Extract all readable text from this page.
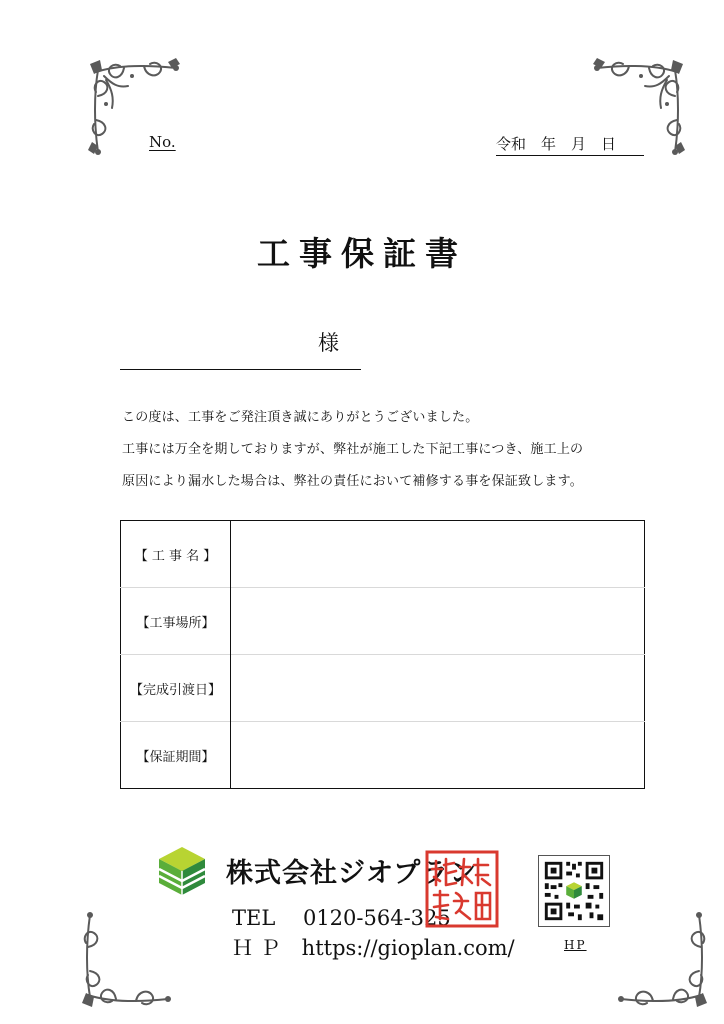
No.	令和　年　月　日
工事保証書
様
この度は、工事をご発注頂き誠にありがとうございました。
工事には万全を期しておりますが、弊社が施工した下記工事につき、施工上の
原因により漏水した場合は、弊社の責任において補修する事を保証致します。
【 工 事 名 】	
【工事場所】	
【完成引渡日】	
【保証期間】	
株式会社ジオプラン
TEL　 0120-564-325
Ｈ Ｐ　https://gioplan.com/	HP
